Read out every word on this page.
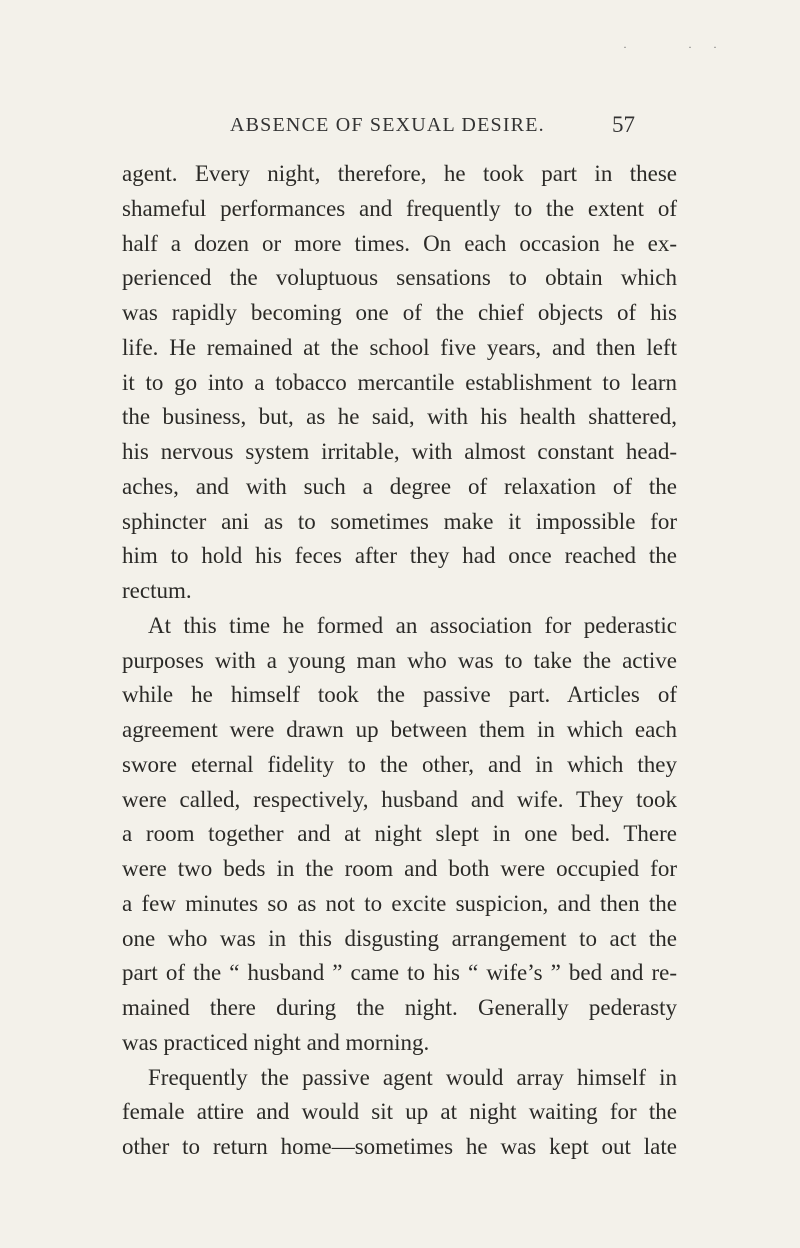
ABSENCE OF SEXUAL DESIRE.	57
·	· ·
agent. Every night, therefore, he took part in these
shameful performances and frequently to the extent of
half a dozen or more times. On each occasion he ex-
perienced the voluptuous sensations to obtain which
was rapidly becoming one of the chief objects of his
life. He remained at the school five years, and then left
it to go into a tobacco mercantile establishment to learn
the business, but, as he said, with his health shattered,
his nervous system irritable, with almost constant head-
aches, and with such a degree of relaxation of the
sphincter ani as to sometimes make it impossible for
him to hold his feces after they had once reached the
rectum.
At this time he formed an association for pederastic
purposes with a young man who was to take the active
while he himself took the passive part. Articles of
agreement were drawn up between them in which each
swore eternal fidelity to the other, and in which they
were called, respectively, husband and wife. They took
a room together and at night slept in one bed. There
were two beds in the room and both were occupied for
a few minutes so as not to excite suspicion, and then the
one who was in this disgusting arrangement to act the
part of the “ husband ” came to his “ wife’s ” bed and re-
mained there during the night. Generally pederasty
was practiced night and morning.
Frequently the passive agent would array himself in
female attire and would sit up at night waiting for the
other to return home—sometimes he was kept out late
